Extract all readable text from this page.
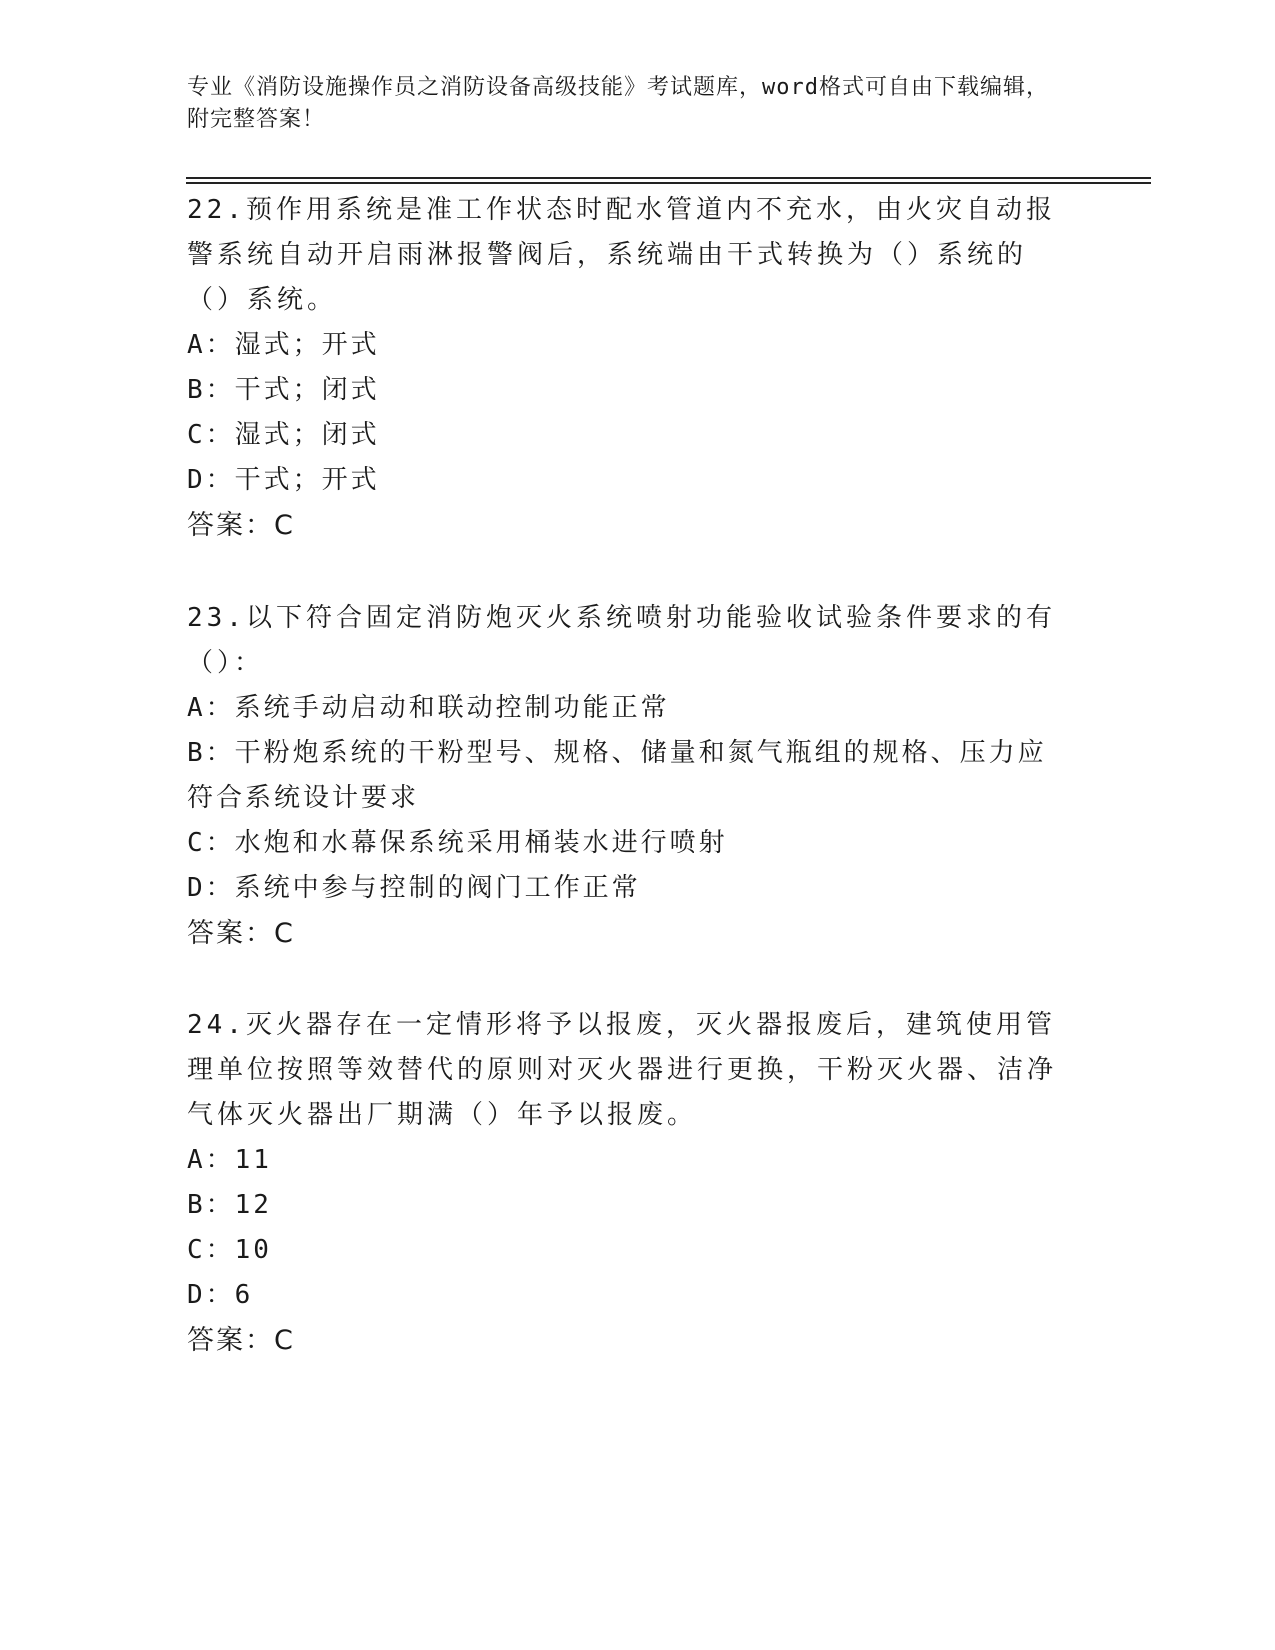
专业《消防设施操作员之消防设备高级技能》考试题库，word格式可自由下载编辑，附完整答案！

22.预作用系统是准工作状态时配水管道内不充水，由火灾自动报警系统自动开启雨淋报警阀后，系统端由干式转换为（）系统的（）系统。

A：湿式；开式

B：干式；闭式

C：湿式；闭式

D：干式；开式

答案：C

23.以下符合固定消防炮灭火系统喷射功能验收试验条件要求的有（）：

A：系统手动启动和联动控制功能正常

B：干粉炮系统的干粉型号、规格、储量和氮气瓶组的规格、压力应符合系统设计要求

C：水炮和水幕保系统采用桶装水进行喷射

D：系统中参与控制的阀门工作正常

答案：C

24.灭火器存在一定情形将予以报废，灭火器报废后，建筑使用管理单位按照等效替代的原则对灭火器进行更换，干粉灭火器、洁净气体灭火器出厂期满（）年予以报废。

A：11

B：12

C：10

D：6

答案：C
